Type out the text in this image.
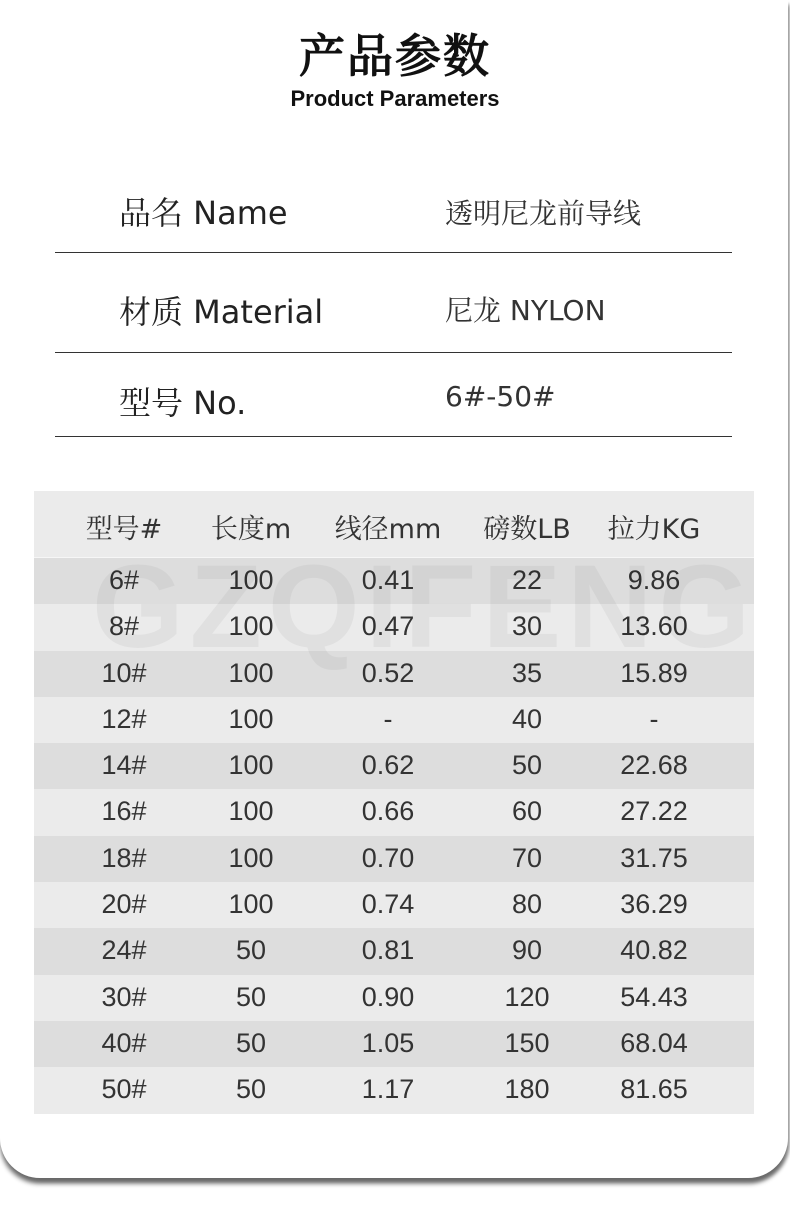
产品参数
Product Parameters
品名 Name	透明尼龙前导线
材质 Material	尼龙 NYLON
型号 No.	6#-50#
型号#	长度m	线径mm	磅数LB	拉力KG
6#	100	0.41	22	9.86
8#	100	0.47	30	13.60
10#	100	0.52	35	15.89
12#	100	-	40	-
14#	100	0.62	50	22.68
16#	100	0.66	60	27.22
18#	100	0.70	70	31.75
20#	100	0.74	80	36.29
24#	50	0.81	90	40.82
30#	50	0.90	120	54.43
40#	50	1.05	150	68.04
50#	50	1.17	180	81.65
